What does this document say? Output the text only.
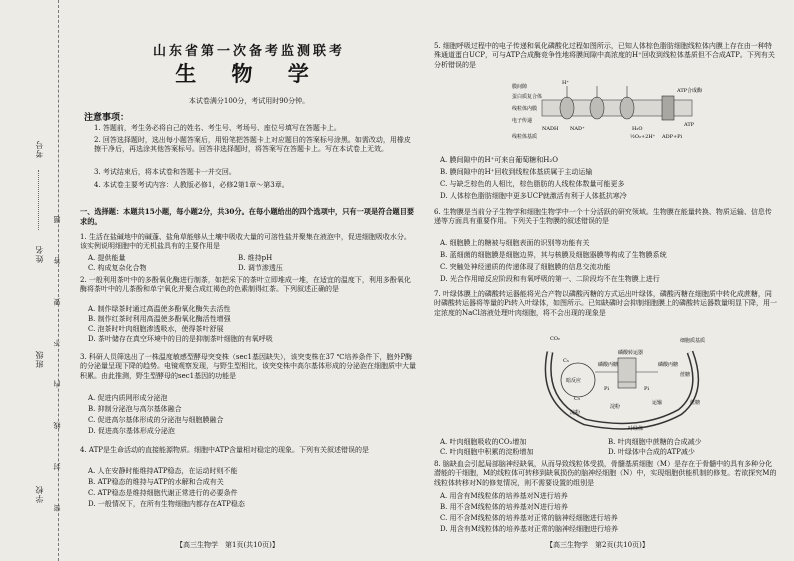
考号
姓名
班级
学校 密 封 线 内 不 要 答 题
山东省第一次备考监测联考
生 物 学
本试卷满分100分，考试用时90分钟。
注意事项：

1. 答题前，考生务必将自己的姓名、考生号、考场号、座位号填写在答题卡上。

2. 回答选择题时，选出每小题答案后，用铅笔把答题卡上对应题目的答案标号涂黑。如需改动，用橡皮擦干净后，再选涂其他答案标号。回答非选择题时，将答案写在答题卡上。写在本试卷上无效。

3. 考试结束后，将本试卷和答题卡一并交回。

4. 本试卷主要考试内容：人教版必修1，必修2第1章～第3章。

一、选择题：本题共15小题，每小题2分，共30分。在每小题给出的四个选项中，只有一项是符合题目要求的。

1. 生活在盐碱地中的碱蓬、盐角草能够从土壤中吸收大量的可溶性盐并聚集在液泡中，促进细胞吸收水分。该实例说明细胞中的无机盐具有的主要作用是

A. 提供能量	B. 维持pH
C. 构成复杂化合物	D. 调节渗透压

2. 一般利用茶叶中的多酚氧化酶进行制茶，如把采下的茶叶立即堆成一堆，在适宜的温度下，利用多酚氧化酶将茶叶中的儿茶酚和单宁氧化并聚合成红褐色的色素制得红茶。下列叙述正确的是

A. 制作绿茶时通过高温使多酚氧化酶失去活性

B. 制作红茶时利用高温使多酚氧化酶活性增强

C. 泡茶时叶肉细胞渗透吸水，使得茶叶舒展

D. 茶叶储存在真空环境中的目的是抑制茶叶细胞的有氧呼吸

3. 科研人员筛选出了一株温度敏感型酵母突变株（sec1基因缺失），该突变株在37 ℃培养条件下，胞外P酶的分泌量呈现下降的趋势。电镜观察发现，与野生型相比，该突变株中高尔基体形成的分泌泡在细胞质中大量积累。由此推测，野生型酵母的sec1基因的功能是

A. 促进内质网形成分泌泡

B. 抑制分泌泡与高尔基体融合

C. 促进高尔基体形成的分泌泡与细胞膜融合

D. 促进高尔基体形成分泌泡

4. ATP是生命活动的直接能源物质。细胞中ATP含量相对稳定的现象。下列有关叙述错误的是

A. 人在安静时能维持ATP稳态，在运动时则不能

B. ATP稳态的维持与ATP的水解和合成有关

C. ATP稳态是维持细胞代谢正常进行的必要条件

D. 一般情况下，在所有生物细胞内都存在ATP稳态

【高三生物学　第1页(共10页)】

5. 细胞呼吸过程中的电子传递和氧化磷酸化过程如图所示，已知人体棕色脂肪细胞线粒体内膜上存在由一种特殊通道蛋白UCP，可与ATP合成酶竞争性地将膜间隙中高浓度的H⁺回收到线粒体基质但不合成ATP。下列有关分析错误的是

膜间隙
蛋白质复合体
线粒体内膜
电子传递
H⁺
NADH NAD⁺	H₂O
ATP合成酶
½O₂+2H⁺ ADP+Pi
ATP
线粒体基质

A. 膜间隙中的H⁺可来自葡萄糖和H₂O

B. 膜间隙中的H⁺回收到线粒体基质属于主动运输

C. 与缺乏棕色的人相比，棕色脂肪的人线粒体数量可能更多

D. 人体棕色脂肪细胞中更多UCP就激活有利于人体抵抗寒冷

6. 生物膜是当前分子生物学和细胞生物学中一个十分活跃的研究领域。生物膜在能量转换、物质运输、信息传递等方面具有重要作用。下列关于生物膜的叙述错误的是

A. 细胞膜上的糖被与细胞表面的识别等功能有关

B. 蓝细菌的细胞膜是细胞边界，其与核膜及细胞器膜等构成了生物膜系统

C. 突触处神经递质的传递体现了细胞膜的信息交流功能

D. 光合作用暗反应阶段和有氧呼吸的第一、二阶段均不在生物膜上进行

7. 叶绿体膜上的磷酸转运器能将光合产物以磷酸丙糖的方式运出叶绿体，磷酸丙糖在细胞质中转化成蔗糖，同时磷酸转运器将等量的Pi转入叶绿体，如图所示。已知缺磷时会抑制细胞膜上的磷酸转运器数量明显下降，用一定浓度的NaCl溶液处理叶肉细胞，将不会出现的现象是

CO₂
C₅
暗反应
C₃
淀粉
磷酸丙糖
磷酸转运器
Pi
磷酸丙糖
蔗糖
Pi
淀粉
叶绿体
细胞质基质
运输	蔗糖
A. 叶肉细胞吸收的CO₂增加	B. 叶肉细胞中蔗糖的合成减少
C. 叶肉细胞中积累的淀粉增加	D. 叶绿体中合成的ATP减少

8. 脑缺血会引起局部脑神经缺氧，从而导致线粒体受损，骨髓基质细胞（M）是存在于骨髓中的具有多种分化潜能的干细胞，M的线粒体可转移到缺氧损伤的脑神经细胞（N）中，实现细胞供能机制的修复。若欲探究M的线粒体转移对N的修复情况，则不需要设置的组别是

A. 用含有M线粒体的培养基对N进行培养

B. 用不含M线粒体的培养基对N进行培养

C. 用不含M线粒体的培养基对正常的脑神经细胞进行培养

D. 用含有M线粒体的培养基对正常的脑神经细胞进行培养

【高三生物学　第2页(共10页)】
